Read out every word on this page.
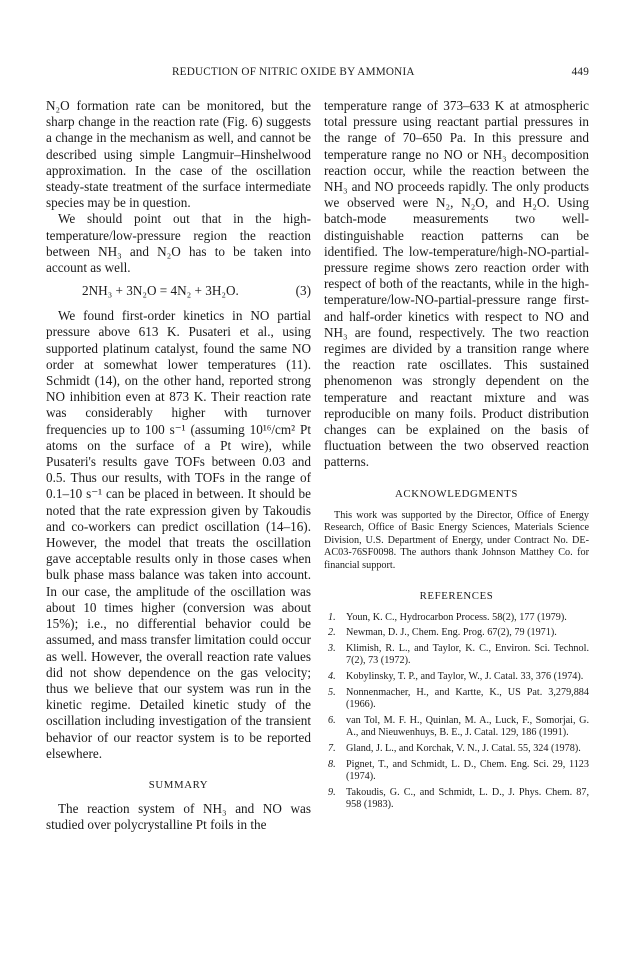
REDUCTION OF NITRIC OXIDE BY AMMONIA	449

N₂O formation rate can be monitored, but the sharp change in the reaction rate (Fig. 6) suggests a change in the mechanism as well, and cannot be described using simple Langmuir–Hinshelwood approximation. In the case of the oscillation steady-state treatment of the surface intermediate species may be in question.

We should point out that in the high-temperature/low-pressure region the reaction between NH₃ and N₂O has to be taken into account as well.

2NH₃ + 3N₂O = 4N₂ + 3H₂O.	(3)

We found first-order kinetics in NO partial pressure above 613 K. Pusateri et al., using supported platinum catalyst, found the same NO order at somewhat lower temperatures (11). Schmidt (14), on the other hand, reported strong NO inhibition even at 873 K. Their reaction rate was considerably higher with turnover frequencies up to 100 s⁻¹ (assuming 10¹⁶/cm² Pt atoms on the surface of a Pt wire), while Pusateri's results gave TOFs between 0.03 and 0.5. Thus our results, with TOFs in the range of 0.1–10 s⁻¹ can be placed in between. It should be noted that the rate expression given by Takoudis and co-workers can predict oscillation (14–16). However, the model that treats the oscillation gave acceptable results only in those cases when bulk phase mass balance was taken into account. In our case, the amplitude of the oscillation was about 10 times higher (conversion was about 15%); i.e., no differential behavior could be assumed, and mass transfer limitation could occur as well. However, the overall reaction rate values did not show dependence on the gas velocity; thus we believe that our system was run in the kinetic regime. Detailed kinetic study of the oscillation including investigation of the transient behavior of our reactor system is to be reported elsewhere.

SUMMARY

The reaction system of NH₃ and NO was studied over polycrystalline Pt foils in the

temperature range of 373–633 K at atmospheric total pressure using reactant partial pressures in the range of 70–650 Pa. In this pressure and temperature range no NO or NH₃ decomposition reaction occur, while the reaction between the NH₃ and NO proceeds rapidly. The only products we observed were N₂, N₂O, and H₂O. Using batch-mode measurements two well-distinguishable reaction patterns can be identified. The low-temperature/high-NO-partial-pressure regime shows zero reaction order with respect of both of the reactants, while in the high-temperature/low-NO-partial-pressure range first- and half-order kinetics with respect to NO and NH₃ are found, respectively. The two reaction regimes are divided by a transition range where the reaction rate oscillates. This sustained phenomenon was strongly dependent on the temperature and reactant mixture and was reproducible on many foils. Product distribution changes can be explained on the basis of fluctuation between the two observed reaction patterns.

ACKNOWLEDGMENTS

This work was supported by the Director, Office of Energy Research, Office of Basic Energy Sciences, Materials Science Division, U.S. Department of Energy, under Contract No. DE-AC03-76SF0098. The authors thank Johnson Matthey Co. for financial support.

REFERENCES
1. Youn, K. C., Hydrocarbon Process. 58(2), 177 (1979).
2. Newman, D. J., Chem. Eng. Prog. 67(2), 79 (1971).
3. Klimish, R. L., and Taylor, K. C., Environ. Sci. Technol. 7(2), 73 (1972).
4. Kobylinsky, T. P., and Taylor, W., J. Catal. 33, 376 (1974).
5. Nonnenmacher, H., and Kartte, K., US Pat. 3,279,884 (1966).
6. van Tol, M. F. H., Quinlan, M. A., Luck, F., Somorjai, G. A., and Nieuwenhuys, B. E., J. Catal. 129, 186 (1991).
7. Gland, J. L., and Korchak, V. N., J. Catal. 55, 324 (1978).
8. Pignet, T., and Schmidt, L. D., Chem. Eng. Sci. 29, 1123 (1974).
9. Takoudis, G. C., and Schmidt, L. D., J. Phys. Chem. 87, 958 (1983).
